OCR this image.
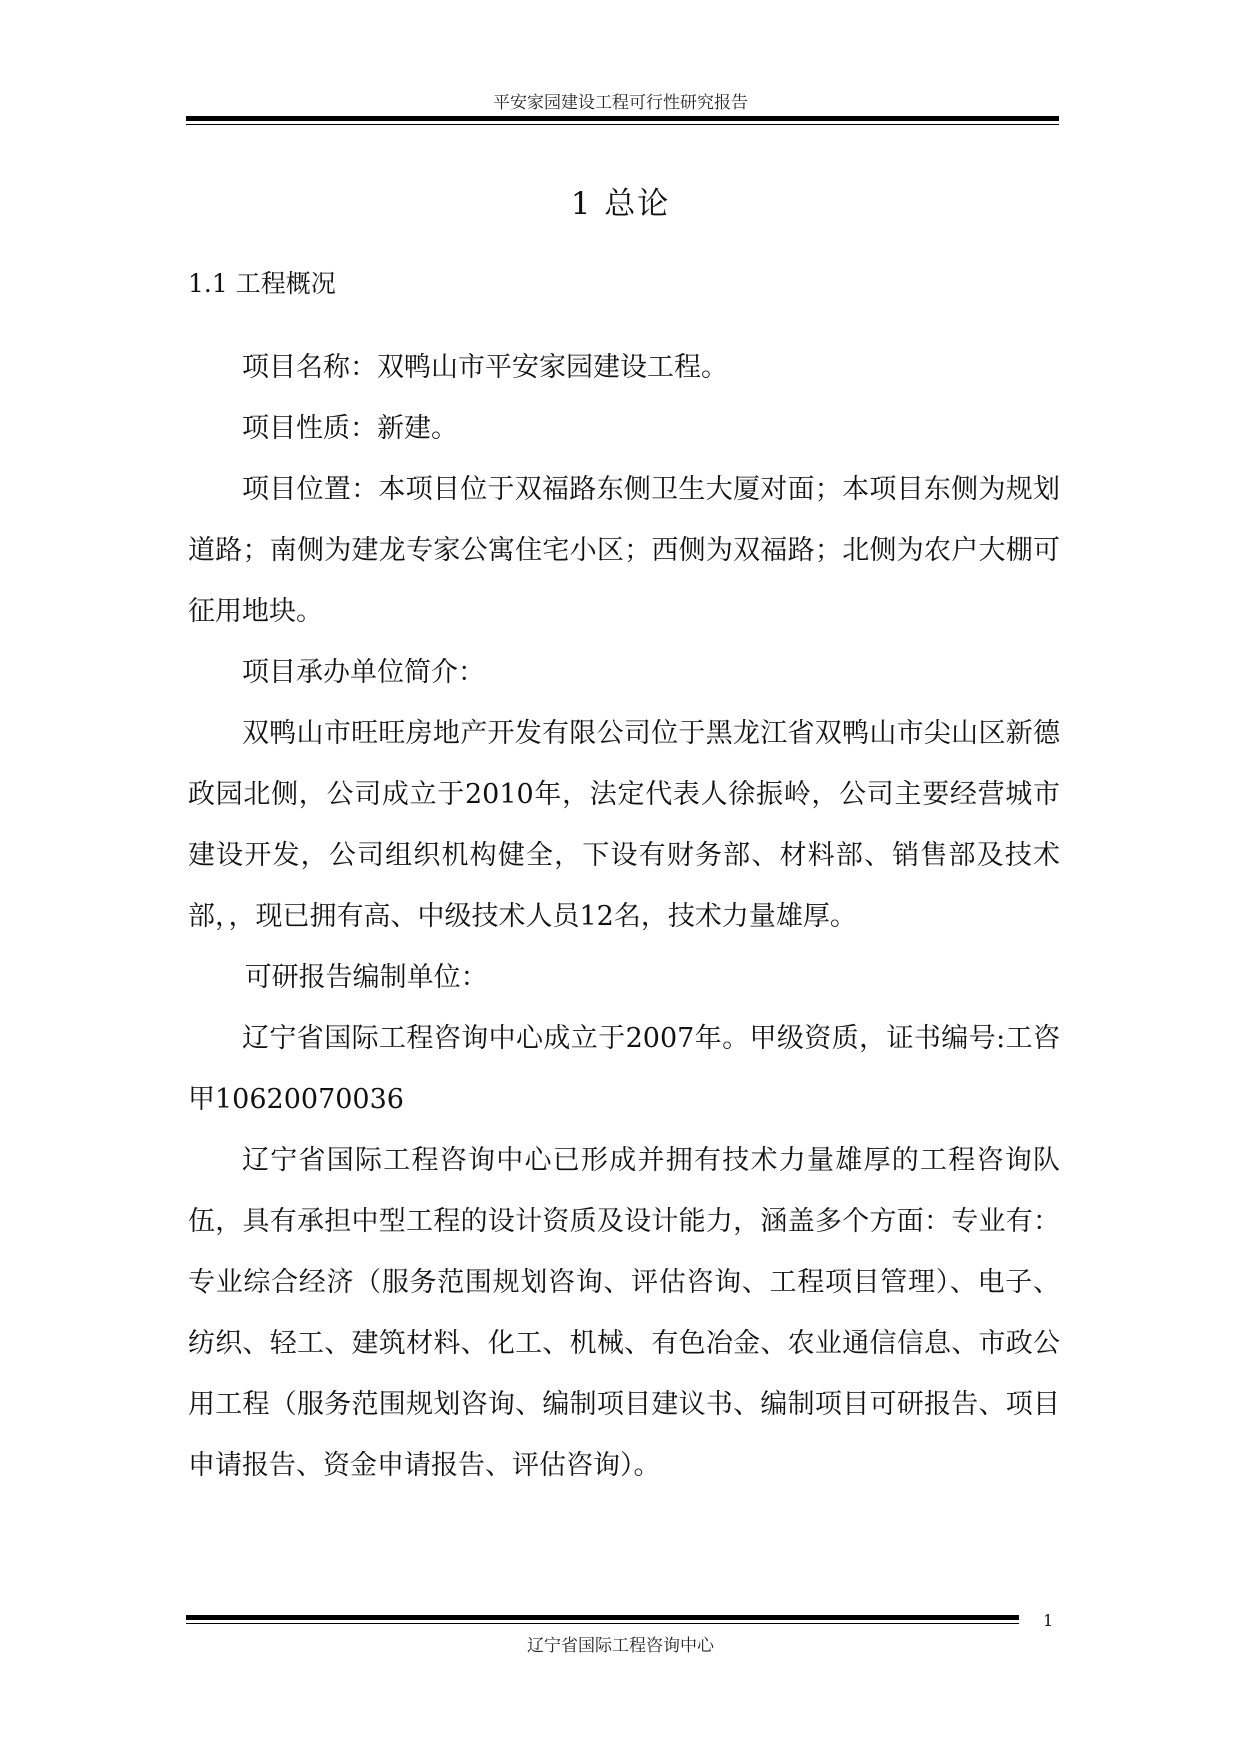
平安家园建设工程可行性研究报告
1 总论
1.1 工程概况

项目名称：双鸭山市平安家园建设工程。

项目性质：新建。

项目位置：本项目位于双福路东侧卫生大厦对面；本项目东侧为规划道路；南侧为建龙专家公寓住宅小区；西侧为双福路；北侧为农户大棚可征用地块。

项目承办单位简介：

双鸭山市旺旺房地产开发有限公司位于黑龙江省双鸭山市尖山区新德政园北侧，公司成立于2010年，法定代表人徐振岭，公司主要经营城市建设开发，公司组织机构健全，下设有财务部、材料部、销售部及技术部，，现已拥有高、中级技术人员12名，技术力量雄厚。

可研报告编制单位：

辽宁省国际工程咨询中心成立于2007年。甲级资质，证书编号:工咨甲10620070036

辽宁省国际工程咨询中心已形成并拥有技术力量雄厚的工程咨询队伍，具有承担中型工程的设计资质及设计能力，涵盖多个方面：专业有：专业综合经济（服务范围规划咨询、评估咨询、工程项目管理）、电子、纺织、轻工、建筑材料、化工、机械、有色冶金、农业通信信息、市政公用工程（服务范围规划咨询、编制项目建议书、编制项目可研报告、项目申请报告、资金申请报告、评估咨询）。

1
辽宁省国际工程咨询中心
